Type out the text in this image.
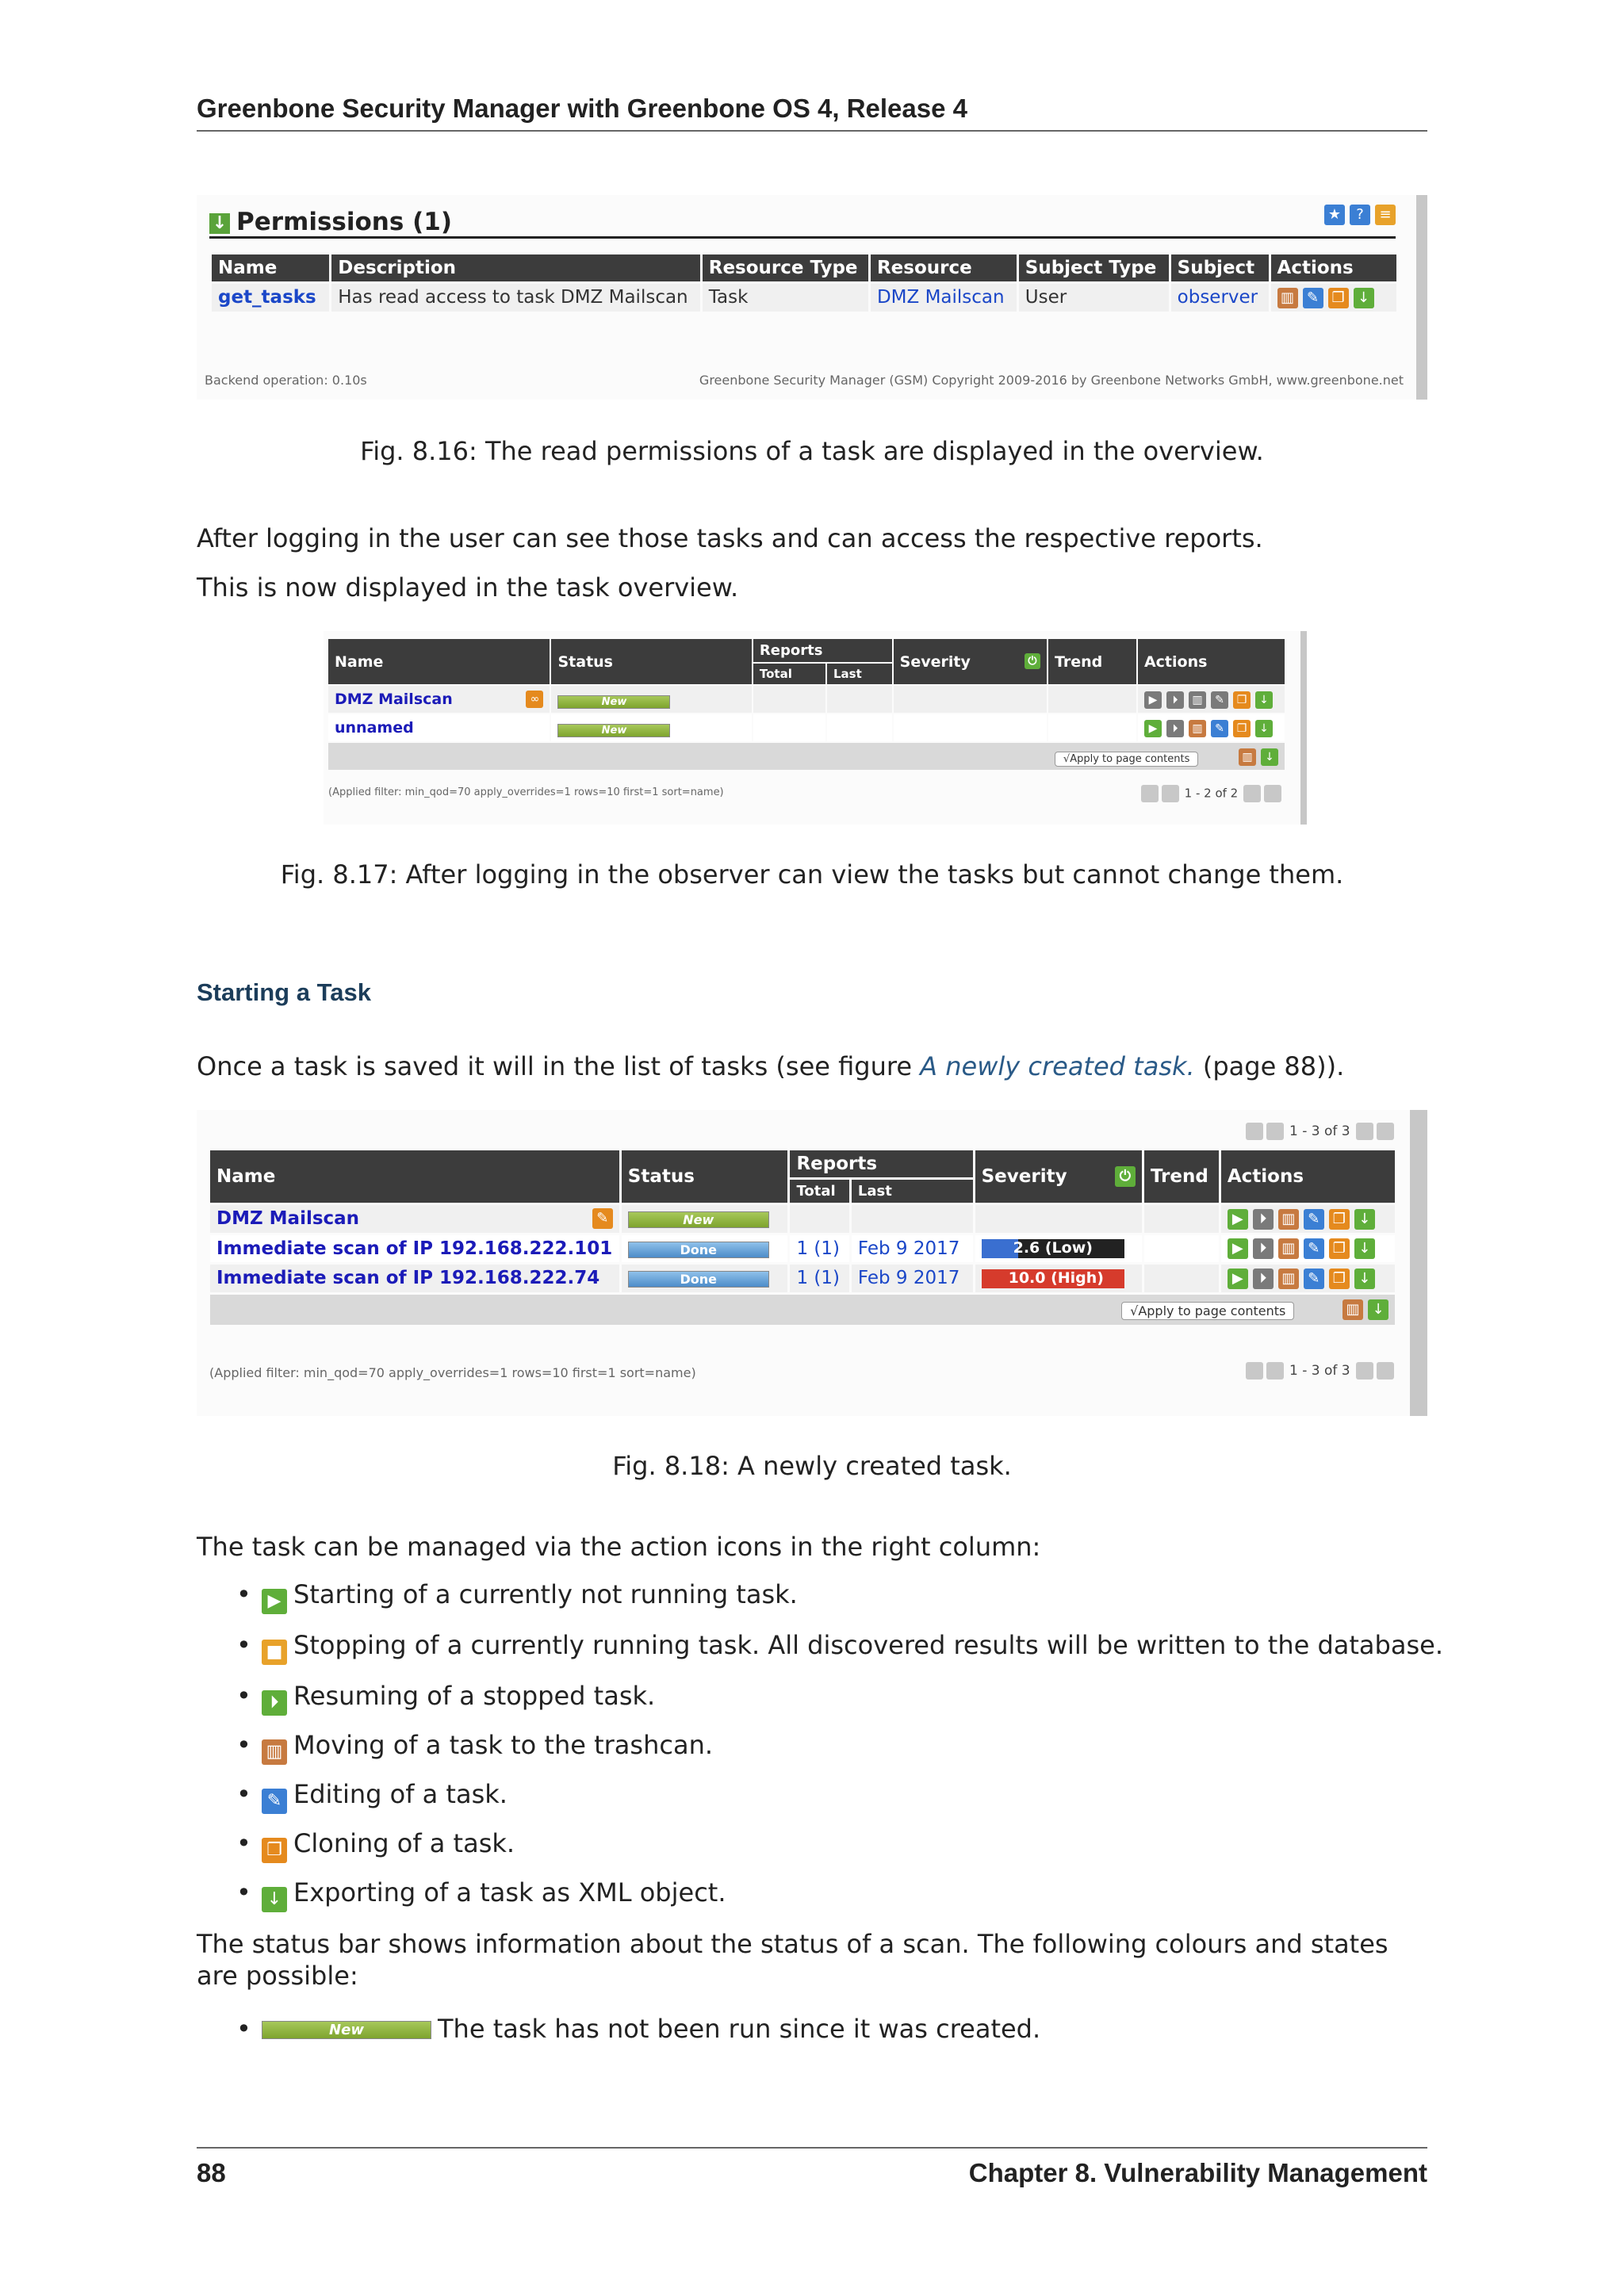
Greenbone Security Manager with Greenbone OS 4, Release 4
↓ Permissions (1)	★ ? ≡
Name	Description	Resource Type	Resource	Subject Type	Subject	Actions
get_tasks	Has read access to task DMZ Mailscan	Task	DMZ Mailscan	User	observer	▥ ✎ ❐ ↓
Backend operation: 0.10s	Greenbone Security Manager (GSM) Copyright 2009-2016 by Greenbone Networks GmbH, www.greenbone.net
Fig. 8.16: The read permissions of a task are displayed in the overview.
After logging in the user can see those tasks and can access the respective reports.
This is now displayed in the task overview.
Name	Status	Reports		Severity ⏻	Trend	Actions
		Total	Last			
DMZ Mailscan ∞	New					▶ ⏵ ▥ ✎ ❐ ↓
unnamed	New					▶ ⏵ ▥ ✎ ❐ ↓
√Apply to page contents ▥ ↓						
(Applied filter: min_qod=70 apply_overrides=1 rows=10 first=1 sort=name)	1 - 2 of 2
Fig. 8.17: After logging in the observer can view the tasks but cannot change them.
Starting a Task
Once a task is saved it will in the list of tasks (see figure A newly created task. (page 88)).
1 - 3 of 3
Name	Status	Reports		Severity ⏻	Trend	Actions
		Total	Last			
DMZ Mailscan ✎	New					▶ ⏵ ▥ ✎ ❐ ↓
Immediate scan of IP 192.168.222.101	Done	1 (1)	Feb 9 2017	2.6 (Low)		▶ ⏵ ▥ ✎ ❐ ↓
Immediate scan of IP 192.168.222.74	Done	1 (1)	Feb 9 2017	10.0 (High)		▶ ⏵ ▥ ✎ ❐ ↓
√Apply to page contents ▥ ↓						
(Applied filter: min_qod=70 apply_overrides=1 rows=10 first=1 sort=name)	1 - 3 of 3
Fig. 8.18: A newly created task.
The task can be managed via the action icons in the right column:
• ▶ Starting of a currently not running task.
• ■ Stopping of a currently running task. All discovered results will be written to the database.
• ⏵ Resuming of a stopped task.
• ▥ Moving of a task to the trashcan.
• ✎ Editing of a task.
• ❐ Cloning of a task.
• ↓ Exporting of a task as XML object.
The status bar shows information about the status of a scan. The following colours and states are possible:
•	New	The task has not been run since it was created.
88	Chapter 8. Vulnerability Management
